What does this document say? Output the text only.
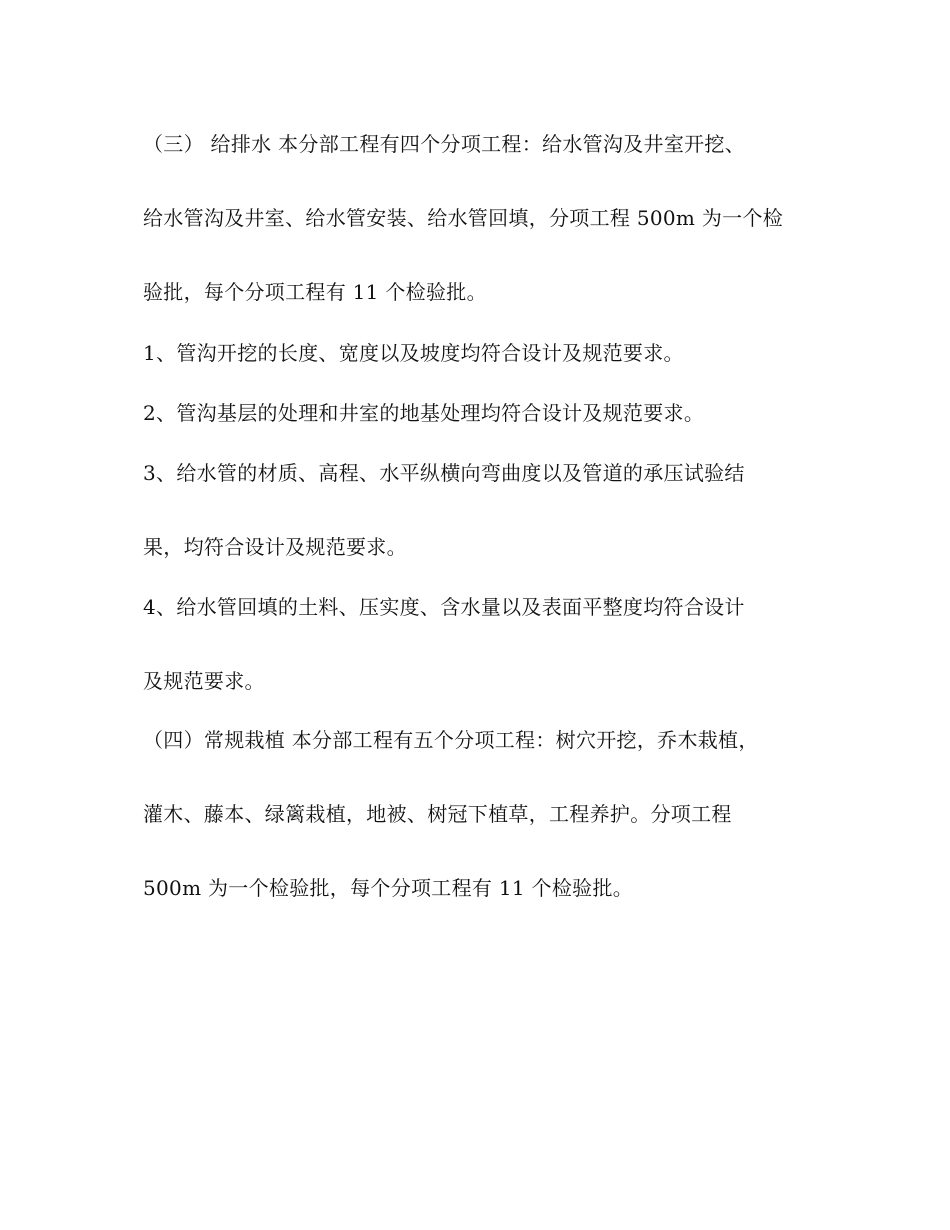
（三） 给排水 本分部工程有四个分项工程：给水管沟及井室开挖、
给水管沟及井室、给水管安装、给水管回填，分项工程 500m 为一个检
验批，每个分项工程有 11 个检验批。
1、管沟开挖的长度、宽度以及坡度均符合设计及规范要求。
2、管沟基层的处理和井室的地基处理均符合设计及规范要求。
3、给水管的材质、高程、水平纵横向弯曲度以及管道的承压试验结
果，均符合设计及规范要求。
4、给水管回填的土料、压实度、含水量以及表面平整度均符合设计
及规范要求。
（四）常规栽植 本分部工程有五个分项工程：树穴开挖，乔木栽植，
灌木、藤本、绿篱栽植，地被、树冠下植草，工程养护。分项工程
500m 为一个检验批，每个分项工程有 11 个检验批。
